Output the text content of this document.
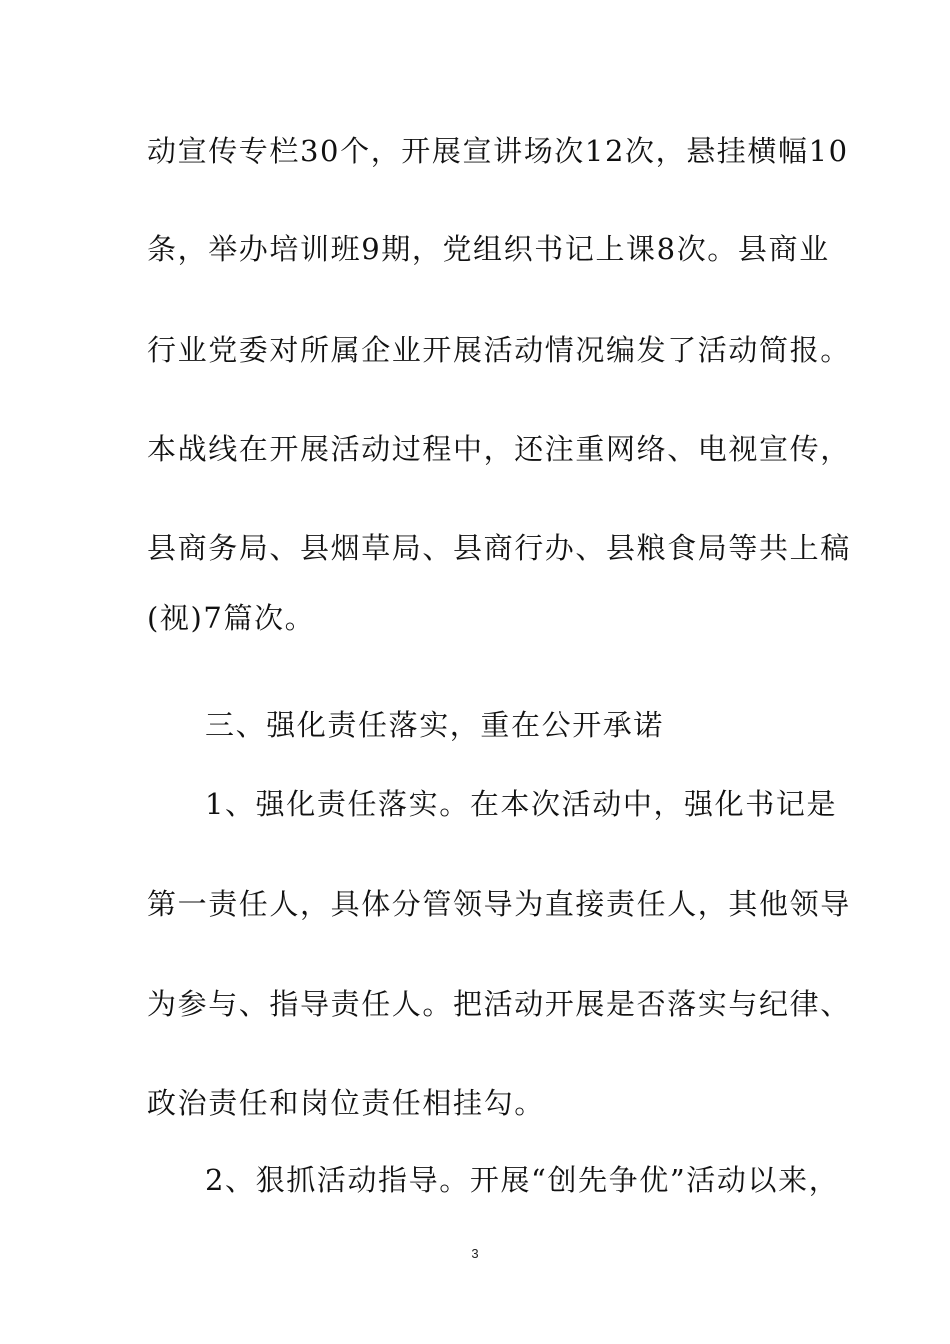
动宣传专栏30个，开展宣讲场次12次，悬挂横幅10
条，举办培训班9期，党组织书记上课8次。县商业
行业党委对所属企业开展活动情况编发了活动简报。
本战线在开展活动过程中，还注重网络、电视宣传，
县商务局、县烟草局、县商行办、县粮食局等共上稿
(视)7篇次。
三、强化责任落实，重在公开承诺
1、强化责任落实。在本次活动中，强化书记是
第一责任人，具体分管领导为直接责任人，其他领导
为参与、指导责任人。把活动开展是否落实与纪律、
政治责任和岗位责任相挂勾。
2、狠抓活动指导。开展“创先争优”活动以来，
3
